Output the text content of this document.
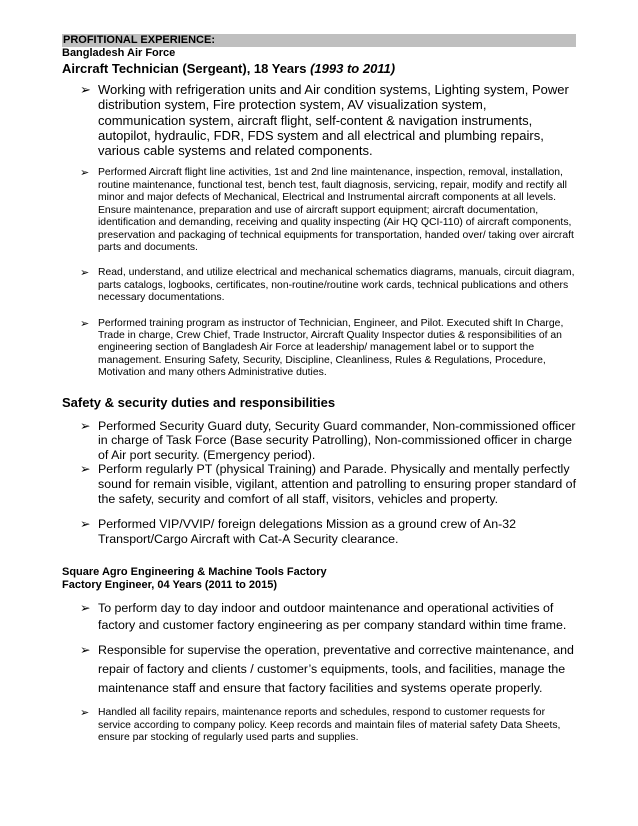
PROFITIONAL EXPERIENCE:
Bangladesh Air Force
Aircraft Technician (Sergeant), 18 Years (1993 to 2011)
➢ Working with refrigeration units and Air condition systems, Lighting system, Power distribution system, Fire protection system, AV visualization system, communication system, aircraft flight, self-content & navigation instruments, autopilot, hydraulic, FDR, FDS system and all electrical and plumbing repairs, various cable systems and related components.
➢ Performed Aircraft flight line activities, 1st and 2nd line maintenance, inspection, removal, installation, routine maintenance, functional test, bench test, fault diagnosis, servicing, repair, modify and rectify all minor and major defects of Mechanical, Electrical and Instrumental aircraft components at all levels. Ensure maintenance, preparation and use of aircraft support equipment; aircraft documentation, identification and demanding, receiving and quality inspecting (Air HQ QCI-110) of aircraft components, preservation and packaging of technical equipments for transportation, handed over/ taking over aircraft parts and documents.
➢ Read, understand, and utilize electrical and mechanical schematics diagrams, manuals, circuit diagram, parts catalogs, logbooks, certificates, non-routine/routine work cards, technical publications and others necessary documentations.
➢ Performed training program as instructor of Technician, Engineer, and Pilot. Executed shift In Charge, Trade in charge, Crew Chief, Trade Instructor, Aircraft Quality Inspector duties & responsibilities of an engineering section of Bangladesh Air Force at leadership/ management label or to support the management. Ensuring Safety, Security, Discipline, Cleanliness, Rules & Regulations, Procedure, Motivation and many others Administrative duties.
Safety & security duties and responsibilities
➢ Performed Security Guard duty, Security Guard commander, Non-commissioned officer in charge of Task Force (Base security Patrolling), Non-commissioned officer in charge of Air port security. (Emergency period).
➢ Perform regularly PT (physical Training) and Parade. Physically and mentally perfectly sound for remain visible, vigilant, attention and patrolling to ensuring proper standard of the safety, security and comfort of all staff, visitors, vehicles and property.
➢ Performed VIP/VVIP/ foreign delegations Mission as a ground crew of An-32 Transport/Cargo Aircraft with Cat-A Security clearance.
Square Agro Engineering & Machine Tools Factory
Factory Engineer, 04 Years (2011 to 2015)
➢ To perform day to day indoor and outdoor maintenance and operational activities of factory and customer factory engineering as per company standard within time frame.
➢ Responsible for supervise the operation, preventative and corrective maintenance, and repair of factory and clients / customer’s equipments, tools, and facilities, manage the maintenance staff and ensure that factory facilities and systems operate properly.
➢ Handled all facility repairs, maintenance reports and schedules, respond to customer requests for service according to company policy. Keep records and maintain files of material safety Data Sheets, ensure par stocking of regularly used parts and supplies.
